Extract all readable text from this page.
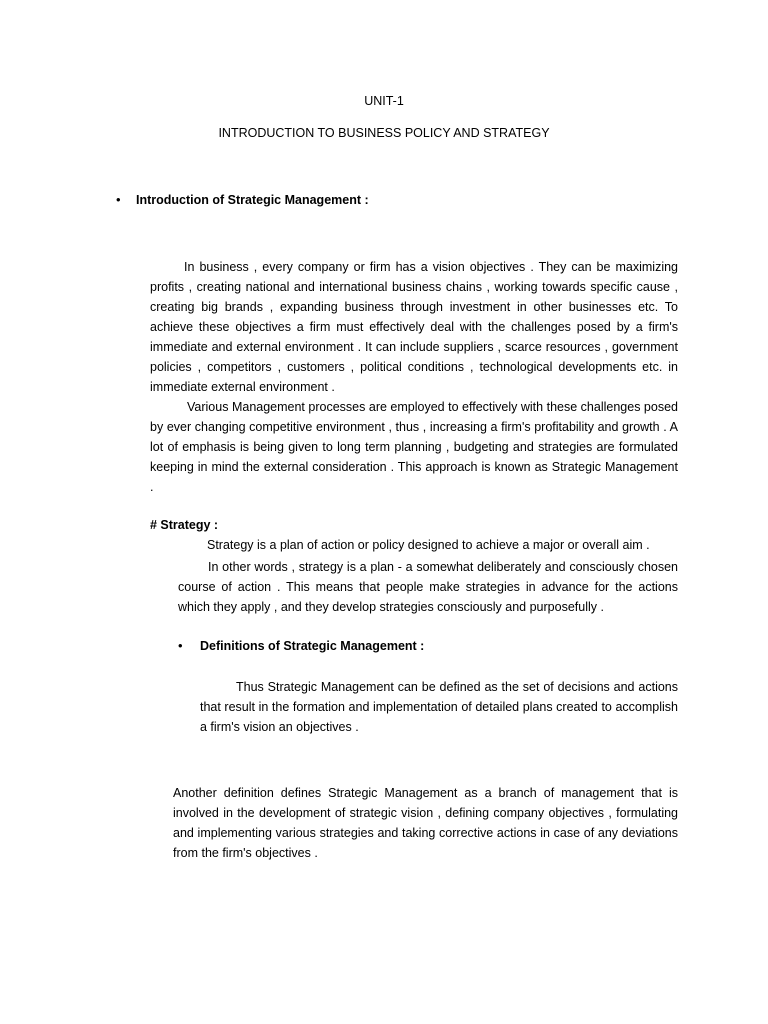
UNIT-1

INTRODUCTION TO BUSINESS POLICY AND STRATEGY

• Introduction of Strategic Management :

In business , every company or firm has a vision objectives . They can be maximizing profits , creating national and international business chains , working towards specific cause , creating big brands , expanding business through investment in other businesses etc. To achieve these objectives a firm must effectively deal with the challenges posed by a firm's immediate and external environment . It can include suppliers , scarce resources , government policies , competitors , customers , political conditions , technological developments etc. in immediate external environment .

Various Management processes are employed to effectively with these challenges posed by ever changing competitive environment , thus , increasing a firm's profitability and growth . A lot of emphasis is being given to long term planning , budgeting and strategies are formulated keeping in mind the external consideration . This approach is known as Strategic Management .

# Strategy :

Strategy is a plan of action or policy designed to achieve a major or overall aim .

In other words , strategy is a plan - a somewhat deliberately and consciously chosen course of action . This means that people make strategies in advance for the actions which they apply , and they develop strategies consciously and purposefully .

• Definitions of Strategic Management :

Thus Strategic Management can be defined as the set of decisions and actions that result in the formation and implementation of detailed plans created to accomplish a firm's vision an objectives .

Another definition defines Strategic Management as a branch of management that is involved in the development of strategic vision , defining company objectives , formulating and implementing various strategies and taking corrective actions in case of any deviations from the firm's objectives .
